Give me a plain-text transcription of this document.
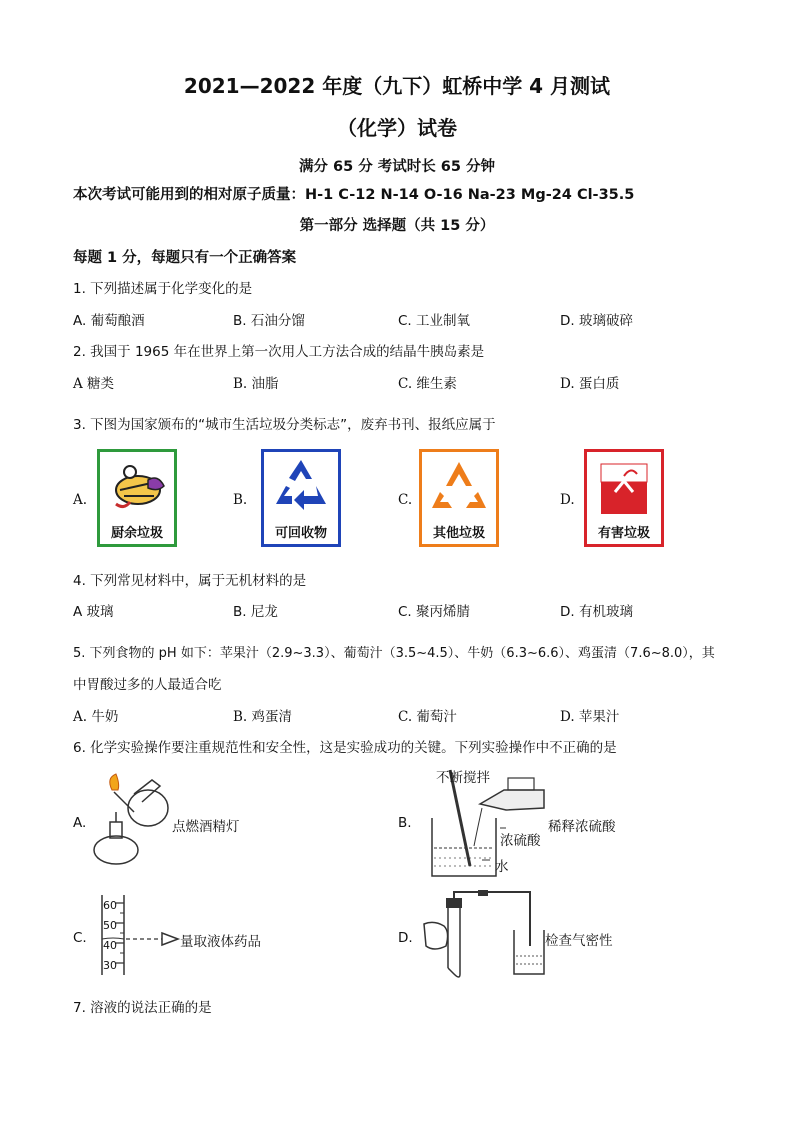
2021—2022 年度（九下）虹桥中学 4 月测试
（化学）试卷
满分 65 分 考试时长 65 分钟
本次考试可能用到的相对原子质量：H-1 C-12 N-14 O-16 Na-23 Mg-24 Cl-35.5
第一部分 选择题（共 15 分）
每题 1 分，每题只有一个正确答案
1. 下列描述属于化学变化的是
A. 葡萄酿酒	B. 石油分馏	C. 工业制氧	D. 玻璃破碎
2. 我国于 1965 年在世界上第一次用人工方法合成的结晶牛胰岛素是
A 糖类	B. 油脂	C. 维生素	D. 蛋白质
3. 下图为国家颁布的“城市生活垃圾分类标志”，废弃书刊、报纸应属于
A.	B.	C.	D.
厨余垃圾	可回收物	其他垃圾	有害垃圾
4. 下列常见材料中，属于无机材料的是
A 玻璃	B. 尼龙	C. 聚丙烯腈	D. 有机玻璃
5. 下列食物的 pH 如下：苹果汁（2.9~3.3）、葡萄汁（3.5~4.5）、牛奶（6.3~6.6）、鸡蛋清（7.6~8.0），其
中胃酸过多的人最适合吃
A. 牛奶	B. 鸡蛋清	C. 葡萄汁	D. 苹果汁
6. 化学实验操作要注重规范性和安全性，这是实验成功的关键。下列实验操作中不正确的是
A.	点燃酒精灯	B.
不断搅拌
稀释浓硫酸
浓硫酸
水
C.
60
50
40
30
量取液体药品	D.	检查气密性
7. 溶液的说法正确的是
